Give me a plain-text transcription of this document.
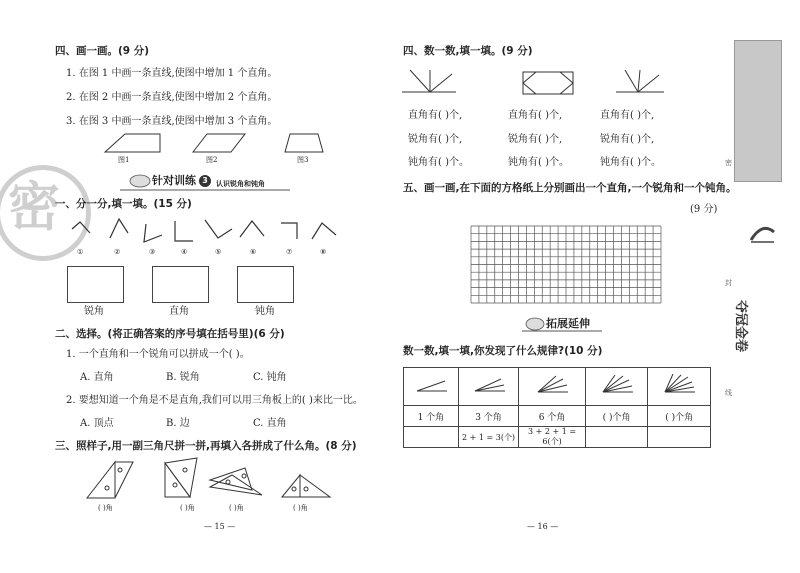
密
四、画一画。(9 分)
1. 在图 1 中画一条直线,使图中增加 1 个直角。
2. 在图 2 中画一条直线,使图中增加 2 个直角。
3. 在图 3 中画一条直线,使图中增加 3 个直角。
图1	图2	图3
针对训练 3	认识锐角和钝角
一、分一分,填一填。(15 分)
①	②	③	④	⑤	⑥	⑦	⑧
锐角	直角	钝角
二、选择。(将正确答案的序号填在括号里)(6 分)
1. 一个直角和一个锐角可以拼成一个( )。
A. 直角	B. 锐角	C. 钝角
2. 要想知道一个角是不是直角,我们可以用三角板上的( )来比一比。
A. 顶点	B. 边	C. 直角
三、照样子,用一副三角尺拼一拼,再填入各拼成了什么角。(8 分)
( )角	( )角	( )角	( )角
— 15 —
四、数一数,填一填。(9 分)
直角有( )个,	直角有( )个,	直角有( )个,
锐角有( )个,	锐角有( )个,	锐角有( )个,
钝角有( )个。	钝角有( )个。	钝角有( )个。
五、画一画,在下面的方格纸上分别画出一个直角,一个锐角和一个钝角。
(9 分)
拓展延伸
数一数,填一填,你发现了什么规律?(10 分)

1 个角	3 个角	6 个角	( )个角	( )个角
	2 + 1 = 3(个)	3 + 2 + 1 = 6(个)		
— 16 —
密
封
线
夺冠金卷
